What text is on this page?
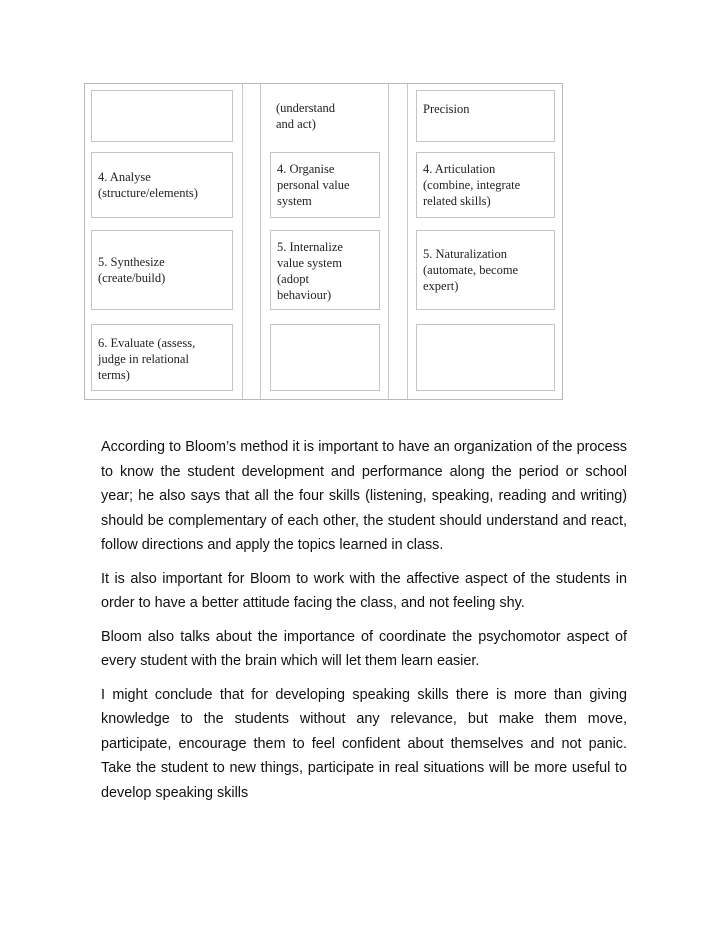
(understand
and act)
Precision
4. Analyse
(structure/elements)
4. Organise
personal value
system
4. Articulation
(combine, integrate
related skills)
5. Synthesize
(create/build)
5. Internalize
value system
(adopt
behaviour)
5. Naturalization
(automate, become
expert)
6. Evaluate (assess,
judge in relational
terms)

According to Bloom’s method it is important to have an organization of the process to know the student development and performance along the period or school year; he also says that all the four skills (listening, speaking, reading and writing) should be complementary of each other, the student should understand and react, follow directions and apply the topics learned in class.

It is also important for Bloom to work with the affective aspect of the students in order to have a better attitude facing the class, and not feeling shy.

Bloom also talks about the importance of coordinate the psychomotor aspect of every student with the brain which will let them learn easier.

I might conclude that for developing speaking skills there is more than giving knowledge to the students without any relevance, but make them move, participate, encourage them to feel confident about themselves and not panic. Take the student to new things, participate in real situations will be more useful to develop speaking skills
